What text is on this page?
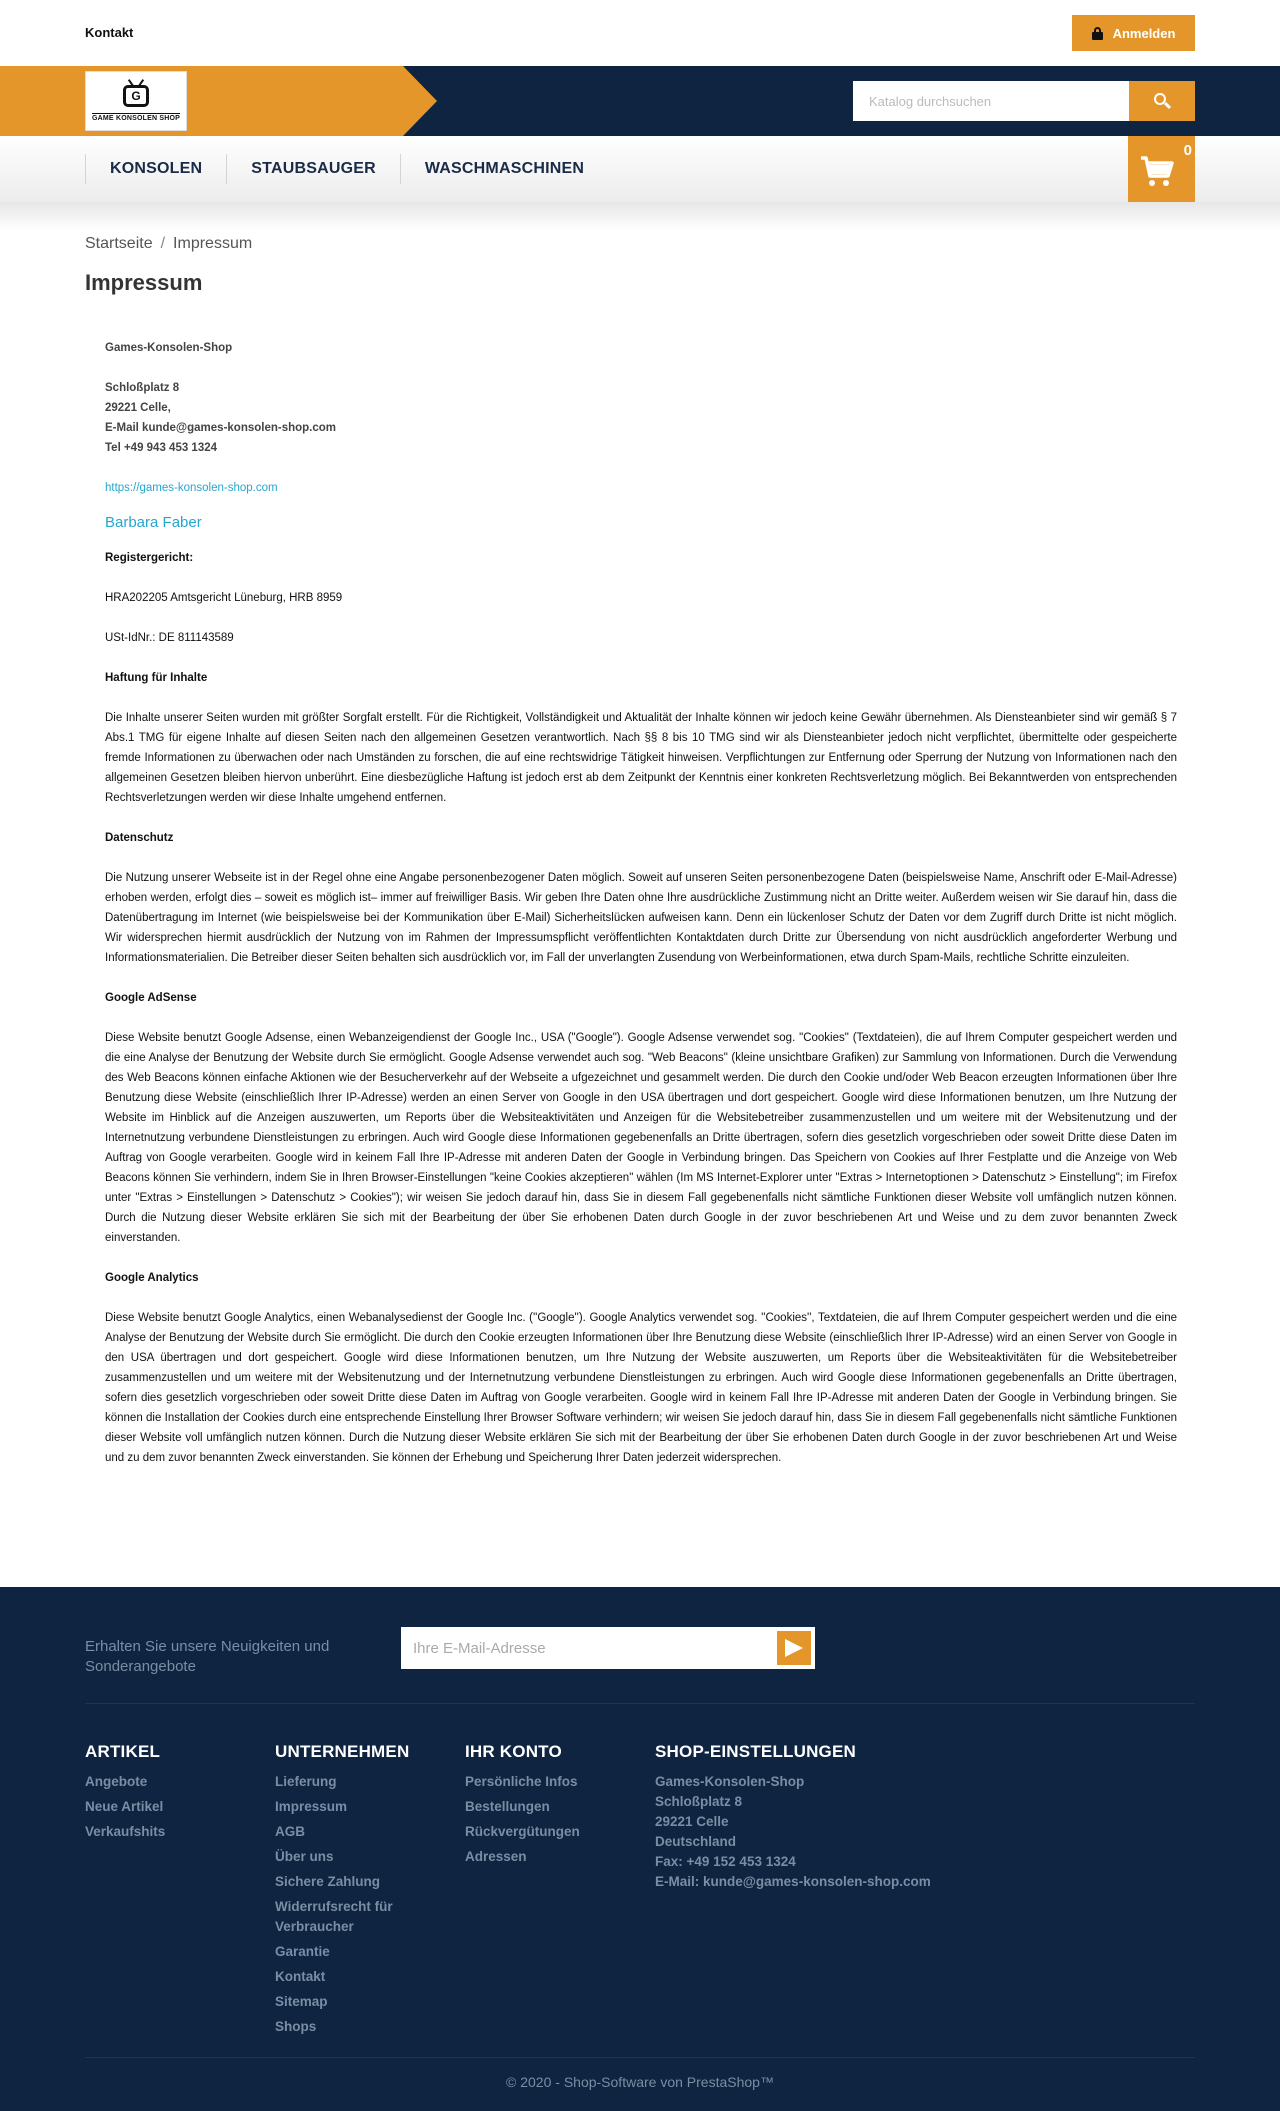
Kontakt	Anmelden
G
GAME KONSOLEN SHOP
Katalog durchsuchen
KONSOLEN	STAUBSAUGER	WASCHMASCHINEN
0
Startseite / Impressum
Impressum

Games-Konsolen-Shop

Schloßplatz 8

29221 Celle,

E-Mail kunde@games-konsolen-shop.com

Tel +49 943 453 1324

https://games-konsolen-shop.com

Barbara Faber

Registergericht:

HRA202205 Amtsgericht Lüneburg, HRB 8959

USt-IdNr.: DE 811143589

Haftung für Inhalte

Die Inhalte unserer Seiten wurden mit größter Sorgfalt erstellt. Für die Richtigkeit, Vollständigkeit und Aktualität der Inhalte können wir jedoch keine Gewähr übernehmen. Als Diensteanbieter sind wir gemäß § 7 Abs.1 TMG für eigene Inhalte auf diesen Seiten nach den allgemeinen Gesetzen verantwortlich. Nach §§ 8 bis 10 TMG sind wir als Diensteanbieter jedoch nicht verpflichtet, übermittelte oder gespeicherte fremde Informationen zu überwachen oder nach Umständen zu forschen, die auf eine rechtswidrige Tätigkeit hinweisen. Verpflichtungen zur Entfernung oder Sperrung der Nutzung von Informationen nach den allgemeinen Gesetzen bleiben hiervon unberührt. Eine diesbezügliche Haftung ist jedoch erst ab dem Zeitpunkt der Kenntnis einer konkreten Rechtsverletzung möglich. Bei Bekanntwerden von entsprechenden Rechtsverletzungen werden wir diese Inhalte umgehend entfernen.

Datenschutz

Die Nutzung unserer Webseite ist in der Regel ohne eine Angabe personenbezogener Daten möglich. Soweit auf unseren Seiten personenbezogene Daten (beispielsweise Name, Anschrift oder E-Mail-Adresse) erhoben werden, erfolgt dies – soweit es möglich ist– immer auf freiwilliger Basis. Wir geben Ihre Daten ohne Ihre ausdrückliche Zustimmung nicht an Dritte weiter. Außerdem weisen wir Sie darauf hin, dass die Datenübertragung im Internet (wie beispielsweise bei der Kommunikation über E-Mail) Sicherheitslücken aufweisen kann. Denn ein lückenloser Schutz der Daten vor dem Zugriff durch Dritte ist nicht möglich. Wir widersprechen hiermit ausdrücklich der Nutzung von im Rahmen der Impressumspflicht veröffentlichten Kontaktdaten durch Dritte zur Übersendung von nicht ausdrücklich angeforderter Werbung und Informationsmaterialien. Die Betreiber dieser Seiten behalten sich ausdrücklich vor, im Fall der unverlangten Zusendung von Werbeinformationen, etwa durch Spam-Mails, rechtliche Schritte einzuleiten.

Google AdSense

Diese Website benutzt Google Adsense, einen Webanzeigendienst der Google Inc., USA ("Google"). Google Adsense verwendet sog. "Cookies" (Textdateien), die auf Ihrem Computer gespeichert werden und die eine Analyse der Benutzung der Website durch Sie ermöglicht. Google Adsense verwendet auch sog. "Web Beacons" (kleine unsichtbare Grafiken) zur Sammlung von Informationen. Durch die Verwendung des Web Beacons können einfache Aktionen wie der Besucherverkehr auf der Webseite a ufgezeichnet und gesammelt werden. Die durch den Cookie und/oder Web Beacon erzeugten Informationen über Ihre Benutzung diese Website (einschließlich Ihrer IP-Adresse) werden an einen Server von Google in den USA übertragen und dort gespeichert. Google wird diese Informationen benutzen, um Ihre Nutzung der Website im Hinblick auf die Anzeigen auszuwerten, um Reports über die Websiteaktivitäten und Anzeigen für die Websitebetreiber zusammenzustellen und um weitere mit der Websitenutzung und der Internetnutzung verbundene Dienstleistungen zu erbringen. Auch wird Google diese Informationen gegebenenfalls an Dritte übertragen, sofern dies gesetzlich vorgeschrieben oder soweit Dritte diese Daten im Auftrag von Google verarbeiten. Google wird in keinem Fall Ihre IP-Adresse mit anderen Daten der Google in Verbindung bringen. Das Speichern von Cookies auf Ihrer Festplatte und die Anzeige von Web Beacons können Sie verhindern, indem Sie in Ihren Browser-Einstellungen "keine Cookies akzeptieren" wählen (Im MS Internet-Explorer unter "Extras > Internetoptionen > Datenschutz > Einstellung"; im Firefox unter "Extras > Einstellungen > Datenschutz > Cookies"); wir weisen Sie jedoch darauf hin, dass Sie in diesem Fall gegebenenfalls nicht sämtliche Funktionen dieser Website voll umfänglich nutzen können. Durch die Nutzung dieser Website erklären Sie sich mit der Bearbeitung der über Sie erhobenen Daten durch Google in der zuvor beschriebenen Art und Weise und zu dem zuvor benannten Zweck einverstanden.

Google Analytics

Diese Website benutzt Google Analytics, einen Webanalysedienst der Google Inc. (''Google''). Google Analytics verwendet sog. ''Cookies'', Textdateien, die auf Ihrem Computer gespeichert werden und die eine Analyse der Benutzung der Website durch Sie ermöglicht. Die durch den Cookie erzeugten Informationen über Ihre Benutzung diese Website (einschließlich Ihrer IP-Adresse) wird an einen Server von Google in den USA übertragen und dort gespeichert. Google wird diese Informationen benutzen, um Ihre Nutzung der Website auszuwerten, um Reports über die Websiteaktivitäten für die Websitebetreiber zusammenzustellen und um weitere mit der Websitenutzung und der Internetnutzung verbundene Dienstleistungen zu erbringen. Auch wird Google diese Informationen gegebenenfalls an Dritte übertragen, sofern dies gesetzlich vorgeschrieben oder soweit Dritte diese Daten im Auftrag von Google verarbeiten. Google wird in keinem Fall Ihre IP-Adresse mit anderen Daten der Google in Verbindung bringen. Sie können die Installation der Cookies durch eine entsprechende Einstellung Ihrer Browser Software verhindern; wir weisen Sie jedoch darauf hin, dass Sie in diesem Fall gegebenenfalls nicht sämtliche Funktionen dieser Website voll umfänglich nutzen können. Durch die Nutzung dieser Website erklären Sie sich mit der Bearbeitung der über Sie erhobenen Daten durch Google in der zuvor beschriebenen Art und Weise und zu dem zuvor benannten Zweck einverstanden. Sie können der Erhebung und Speicherung Ihrer Daten jederzeit widersprechen.

Erhalten Sie unsere Neuigkeiten und Sonderangebote
Ihre E-Mail-Adresse
ARTIKEL
Angebote
Neue Artikel
Verkaufshits
UNTERNEHMEN
Lieferung
Impressum
AGB
Über uns
Sichere Zahlung
Widerrufsrecht für Verbraucher
Garantie
Kontakt
Sitemap
Shops
IHR KONTO
Persönliche Infos
Bestellungen
Rückvergütungen
Adressen
SHOP-EINSTELLUNGEN
Games-Konsolen-Shop
Schloßplatz 8
29221 Celle
Deutschland
Fax: +49 152 453 1324
E-Mail: kunde@games-konsolen-shop.com
© 2020 - Shop-Software von PrestaShop™
